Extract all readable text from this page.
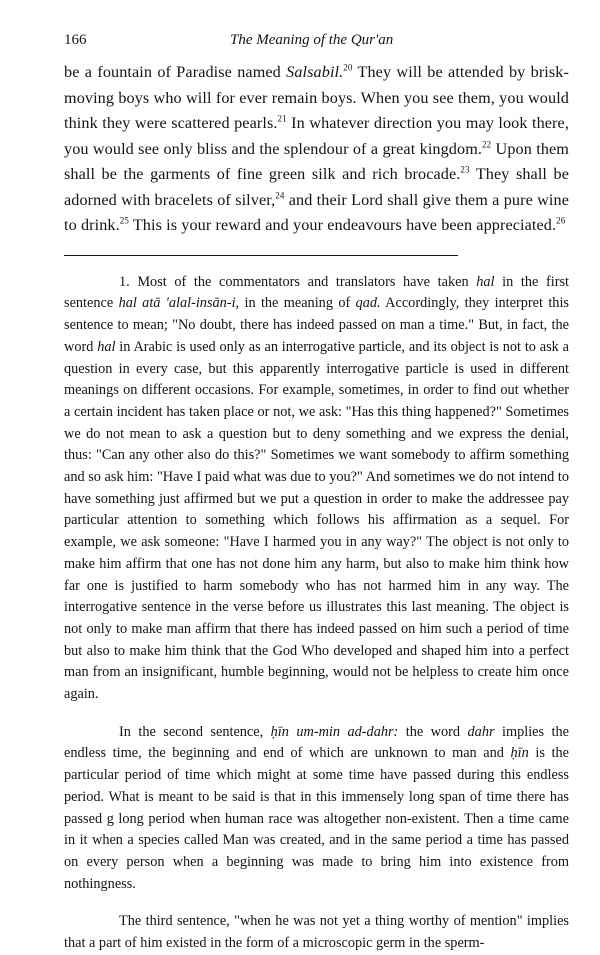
166	The Meaning of the Qur'an

be a fountain of Paradise named Salsabil.$^{20}$ They will be attended by brisk-moving boys who will for ever remain boys. When you see them, you would think they were scattered pearls.$^{21}$ In whatever direction you may look there, you would see only bliss and the splendour of a great kingdom.$^{22}$ Upon them shall be the garments of fine green silk and rich brocade.$^{23}$ They shall be adorned with bracelets of silver,$^{24}$ and their Lord shall give them a pure wine to drink.$^{25}$ This is your reward and your endeavours have been appreciated.$^{26}$

1. Most of the commentators and translators have taken hal in the first sentence hal atā 'alal-insān-i, in the meaning of qad. Accordingly, they interpret this sentence to mean; "No doubt, there has indeed passed on man a time." But, in fact, the word hal in Arabic is used only as an interrogative particle, and its object is not to ask a question in every case, but this apparently interrogative particle is used in different meanings on different occasions. For example, sometimes, in order to find out whether a certain incident has taken place or not, we ask: "Has this thing happened?" Sometimes we do not mean to ask a question but to deny something and we express the denial, thus: "Can any other also do this?" Sometimes we want somebody to affirm something and so ask him: "Have I paid what was due to you?" And sometimes we do not intend to have something just affirmed but we put a question in order to make the addressee pay particular attention to something which follows his affirmation as a sequel. For example, we ask someone: "Have I harmed you in any way?" The object is not only to make him affirm that one has not done him any harm, but also to make him think how far one is justified to harm somebody who has not harmed him in any way. The interrogative sentence in the verse before us illustrates this last meaning. The object is not only to make man affirm that there has indeed passed on him such a period of time but also to make him think that the God Who developed and shaped him into a perfect man from an insignificant, humble beginning, would not be helpless to create him once again.

In the second sentence, ḥīn um-min ad-dahr: the word dahr implies the endless time, the beginning and end of which are unknown to man and ḥīn is the particular period of time which might at some time have passed during this endless period. What is meant to be said is that in this immensely long span of time there has passed g long period when human race was altogether non-existent. Then a time came in it when a species called Man was created, and in the same period a time has passed on every person when a beginning was made to bring him into existence from nothingness.

The third sentence, "when he was not yet a thing worthy of mention" implies that a part of him existed in the form of a microscopic germ in the sperm-
